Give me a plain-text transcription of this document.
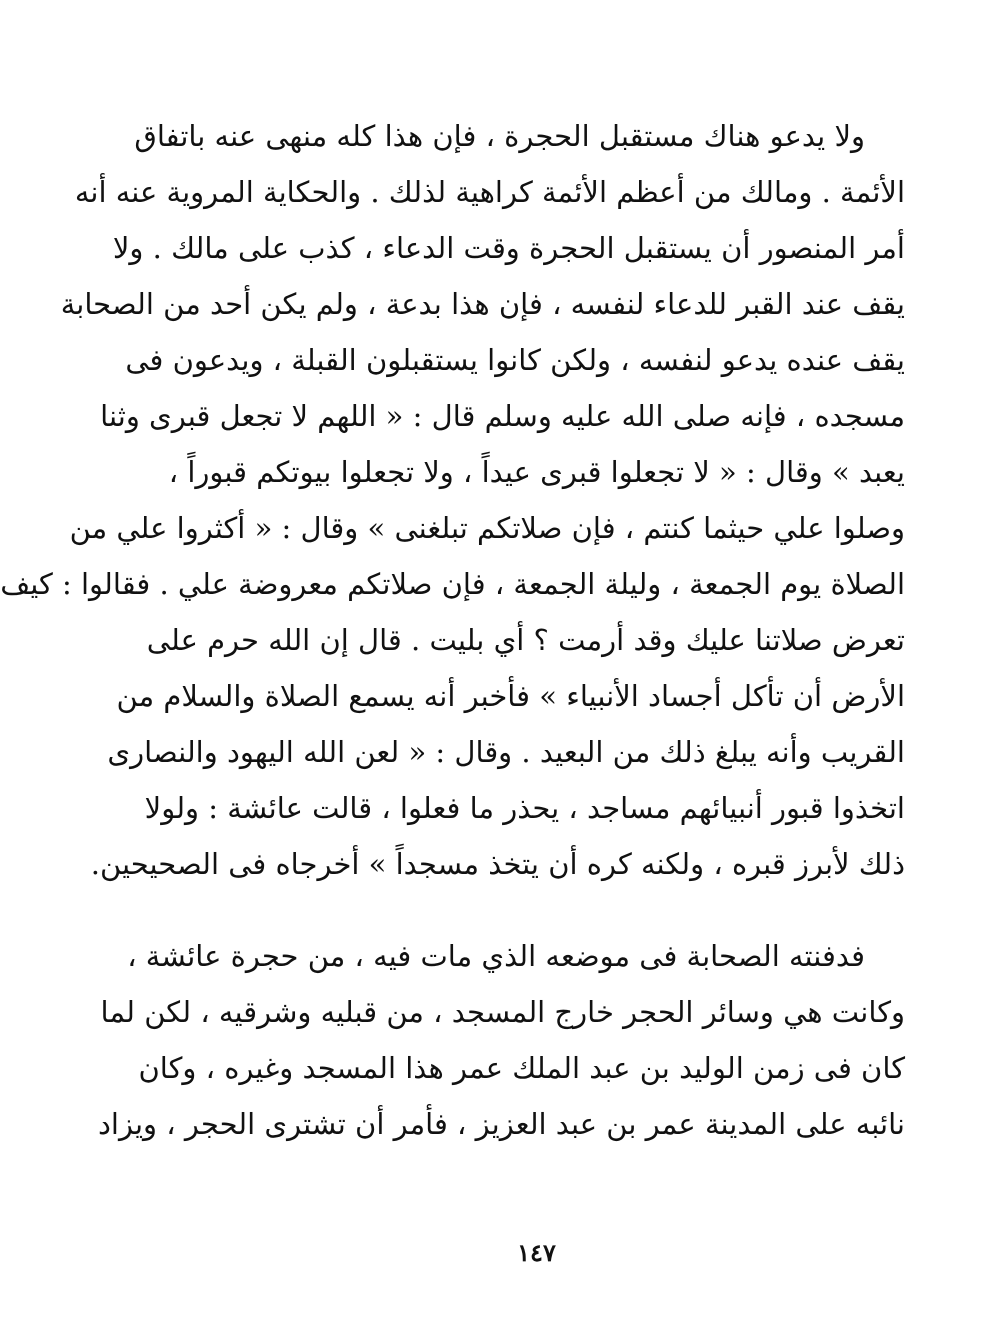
ولا يدعو هناك مستقبل الحجرة ، فإن هذا كله منهى عنه باتفاق
الأئمة . ومالك من أعظم الأئمة كراهية لذلك . والحكاية المروية عنه أنه
أمر المنصور أن يستقبل الحجرة وقت الدعاء ، كذب على مالك . ولا
يقف عند القبر للدعاء لنفسه ، فإن هذا بدعة ، ولم يكن أحد من الصحابة
يقف عنده يدعو لنفسه ، ولكن كانوا يستقبلون القبلة ، ويدعون فى
مسجده ، فإنه صلى الله عليه وسلم قال : « اللهم لا تجعل قبرى وثنا
يعبد » وقال : « لا تجعلوا قبرى عيداً ، ولا تجعلوا بيوتكم قبوراً ،
وصلوا علي حيثما كنتم ، فإن صلاتكم تبلغنى » وقال : « أكثروا علي من
الصلاة يوم الجمعة ، وليلة الجمعة ، فإن صلاتكم معروضة علي . فقالوا : كيف
تعرض صلاتنا عليك وقد أرمت ؟ أي بليت . قال إن الله حرم على
الأرض أن تأكل أجساد الأنبياء » فأخبر أنه يسمع الصلاة والسلام من
القريب وأنه يبلغ ذلك من البعيد . وقال : « لعن الله اليهود والنصارى
اتخذوا قبور أنبيائهم مساجد ، يحذر ما فعلوا ، قالت عائشة : ولولا
ذلك لأبرز قبره ، ولكنه كره أن يتخذ مسجداً » أخرجاه فى الصحيحين.
فدفنته الصحابة فى موضعه الذي مات فيه ، من حجرة عائشة ،
وكانت هي وسائر الحجر خارج المسجد ، من قبليه وشرقيه ، لكن لما
كان فى زمن الوليد بن عبد الملك عمر هذا المسجد وغيره ، وكان
نائبه على المدينة عمر بن عبد العزيز ، فأمر أن تشترى الحجر ، ويزاد
١٤٧
